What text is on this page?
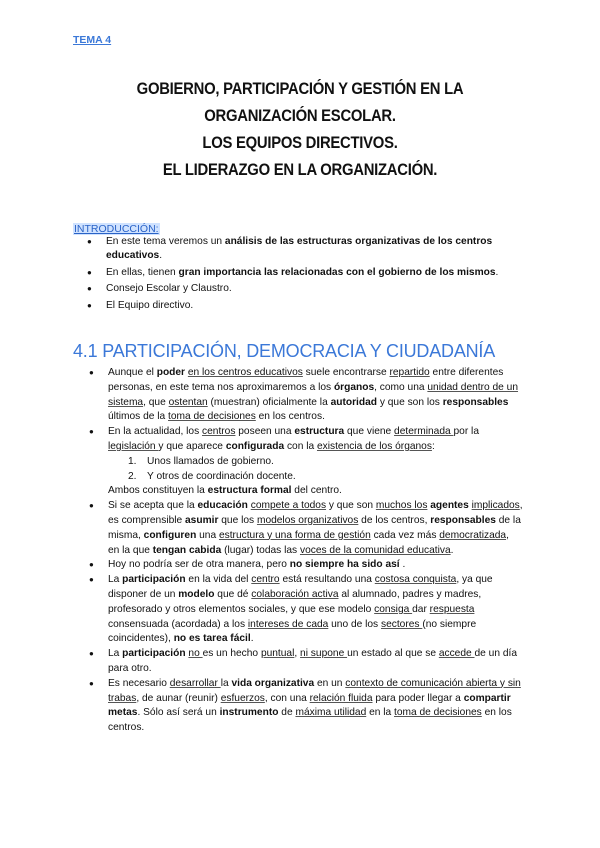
TEMA 4
GOBIERNO, PARTICIPACIÓN Y GESTIÓN EN LA
ORGANIZACIÓN ESCOLAR.
LOS EQUIPOS DIRECTIVOS.
EL LIDERAZGO EN LA ORGANIZACIÓN.
INTRODUCCIÓN:
● En este tema veremos un análisis de las estructuras organizativas de los centros educativos.
● En ellas, tienen gran importancia las relacionadas con el gobierno de los mismos.
● Consejo Escolar y Claustro.
● El Equipo directivo.
4.1 PARTICIPACIÓN, DEMOCRACIA Y CIUDADANÍA
● Aunque el poder en los centros educativos suele encontrarse repartido entre diferentes personas, en este tema nos aproximaremos a los órganos, como una unidad dentro de un sistema, que ostentan (muestran) oficialmente la autoridad y que son los responsables últimos de la toma de decisiones en los centros.
● En la actualidad, los centros poseen una estructura que viene determinada por la legislación y que aparece configurada con la existencia de los órganos:
1. Unos llamados de gobierno.
2. Y otros de coordinación docente.
Ambos constituyen la estructura formal del centro.
● Si se acepta que la educación compete a todos y que son muchos los agentes implicados, es comprensible asumir que los modelos organizativos de los centros, responsables de la misma, configuren una estructura y una forma de gestión cada vez más democratizada, en la que tengan cabida (lugar) todas las voces de la comunidad educativa.
● Hoy no podría ser de otra manera, pero no siempre ha sido así .
● La participación en la vida del centro está resultando una costosa conquista, ya que disponer de un modelo que dé colaboración activa al alumnado, padres y madres, profesorado y otros elementos sociales, y que ese modelo consiga dar respuesta consensuada (acordada) a los intereses de cada uno de los sectores (no siempre coincidentes), no es tarea fácil.
● La participación no es un hecho puntual, ni supone un estado al que se accede de un día para otro.
● Es necesario desarrollar la vida organizativa en un contexto de comunicación abierta y sin trabas, de aunar (reunir) esfuerzos, con una relación fluida para poder llegar a compartir metas. Sólo así será un instrumento de máxima utilidad en la toma de decisiones en los centros.
